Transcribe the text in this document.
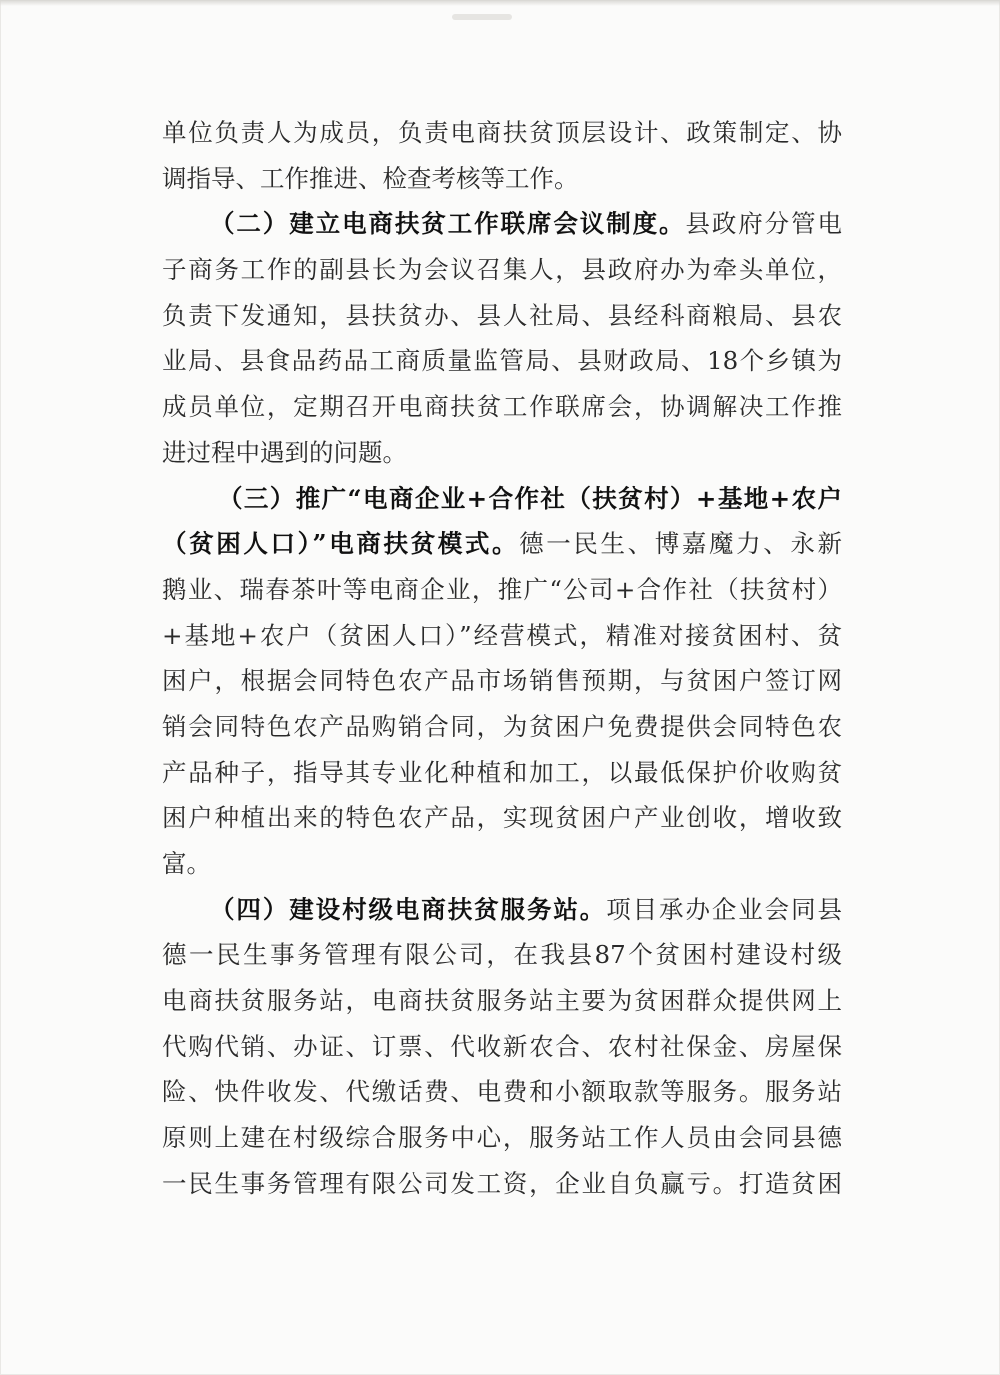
单位负责人为成员，负责电商扶贫顶层设计、政策制定、协
调指导、工作推进、检查考核等工作。
（二）建立电商扶贫工作联席会议制度。县政府分管电
子商务工作的副县长为会议召集人，县政府办为牵头单位，
负责下发通知，县扶贫办、县人社局、县经科商粮局、县农
业局、县食品药品工商质量监管局、县财政局、18个乡镇为
成员单位，定期召开电商扶贫工作联席会，协调解决工作推
进过程中遇到的问题。
（三）推广“电商企业+合作社（扶贫村）+基地+农户
（贫困人口）”电商扶贫模式。德一民生、博嘉魔力、永新
鹅业、瑞春茶叶等电商企业，推广“公司+合作社（扶贫村）
+基地+农户（贫困人口）”经营模式，精准对接贫困村、贫
困户，根据会同特色农产品市场销售预期，与贫困户签订网
销会同特色农产品购销合同，为贫困户免费提供会同特色农
产品种子，指导其专业化种植和加工，以最低保护价收购贫
困户种植出来的特色农产品，实现贫困户产业创收，增收致
富。
（四）建设村级电商扶贫服务站。项目承办企业会同县
德一民生事务管理有限公司，在我县87个贫困村建设村级
电商扶贫服务站，电商扶贫服务站主要为贫困群众提供网上
代购代销、办证、订票、代收新农合、农村社保金、房屋保
险、快件收发、代缴话费、电费和小额取款等服务。服务站
原则上建在村级综合服务中心，服务站工作人员由会同县德
一民生事务管理有限公司发工资，企业自负赢亏。打造贫困
